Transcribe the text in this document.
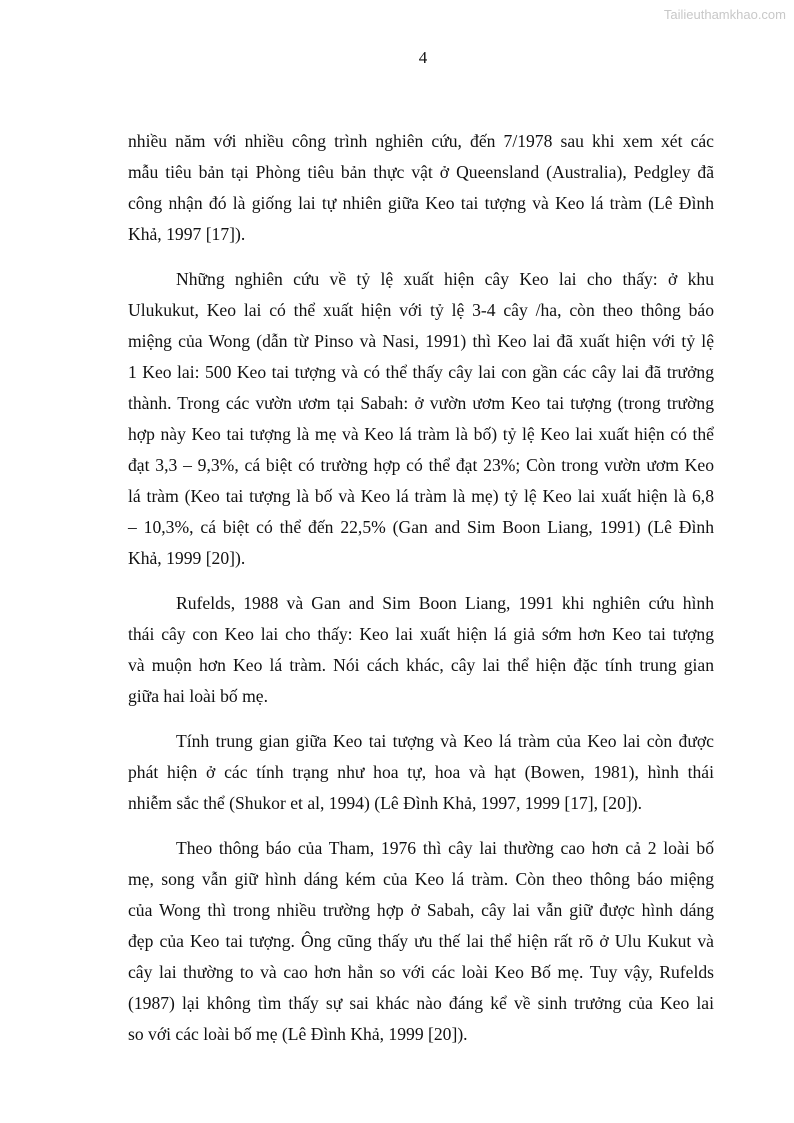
Tailieuthamkhao.com
4
nhiều năm với nhiều công trình nghiên cứu, đến 7/1978 sau khi xem xét các
mẫu tiêu bản tại Phòng tiêu bản thực vật ở Queensland (Australia), Pedgley đã
công nhận đó là giống lai tự nhiên giữa Keo tai tượng và Keo lá tràm (Lê Đình
Khả, 1997 [17]).
Những nghiên cứu về tỷ lệ xuất hiện cây Keo lai cho thấy: ở khu
Ulukukut, Keo lai có thể xuất hiện với tỷ lệ 3-4 cây /ha, còn theo thông báo
miệng của Wong (dẫn từ Pinso và Nasi, 1991) thì Keo lai đã xuất hiện với tỷ lệ
1 Keo lai: 500 Keo tai tượng và có thể thấy cây lai con gần các cây lai đã trưởng
thành. Trong các vườn ươm tại Sabah: ở vườn ươm Keo tai tượng (trong trường
hợp này Keo tai tượng là mẹ và Keo lá tràm là bố) tỷ lệ Keo lai xuất hiện có thể
đạt 3,3 – 9,3%, cá biệt có trường hợp có thể đạt 23%; Còn trong vườn ươm Keo
lá tràm (Keo tai tượng là bố và Keo lá tràm là mẹ) tỷ lệ Keo lai xuất hiện là 6,8
– 10,3%, cá biệt có thể đến 22,5% (Gan and Sim Boon Liang, 1991) (Lê Đình
Khả, 1999 [20]).
Rufelds, 1988 và Gan and Sim Boon Liang, 1991 khi nghiên cứu hình
thái cây con Keo lai cho thấy: Keo lai xuất hiện lá giả sớm hơn Keo tai tượng
và muộn hơn Keo lá tràm. Nói cách khác, cây lai thể hiện đặc tính trung gian
giữa hai loài bố mẹ.
Tính trung gian giữa Keo tai tượng và Keo lá tràm của Keo lai còn được
phát hiện ở các tính trạng như hoa tự, hoa và hạt (Bowen, 1981), hình thái
nhiễm sắc thể (Shukor et al, 1994) (Lê Đình Khả, 1997, 1999 [17], [20]).
Theo thông báo của Tham, 1976 thì cây lai thường cao hơn cả 2 loài bố
mẹ, song vẫn giữ hình dáng kém của Keo lá tràm. Còn theo thông báo miệng
của Wong thì trong nhiều trường hợp ở Sabah, cây lai vẫn giữ được hình dáng
đẹp của Keo tai tượng. Ông cũng thấy ưu thế lai thể hiện rất rõ ở Ulu Kukut và
cây lai thường to và cao hơn hẳn so với các loài Keo Bố mẹ. Tuy vậy, Rufelds
(1987) lại không tìm thấy sự sai khác nào đáng kể về sinh trưởng của Keo lai
so với các loài bố mẹ (Lê Đình Khả, 1999 [20]).
